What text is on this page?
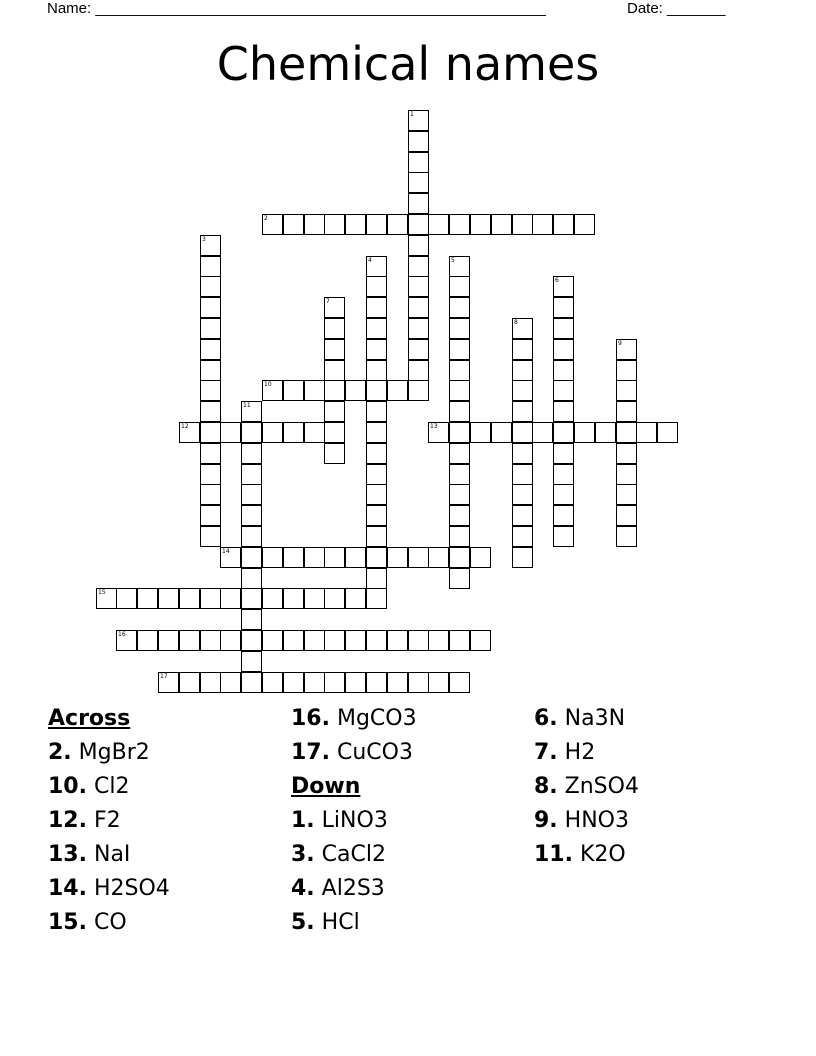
Name: ______________________________________________________	Date: _______
Chemical names
1
2
3
4	5
6
7
8
9
10
11
12	13
14
15
16
17
Across
2. MgBr2
10. Cl2
12. F2
13. NaI
14. H2SO4
15. CO
16. MgCO3
17. CuCO3
Down
1. LiNO3
3. CaCl2
4. Al2S3
5. HCl
6. Na3N
7. H2
8. ZnSO4
9. HNO3
11. K2O
